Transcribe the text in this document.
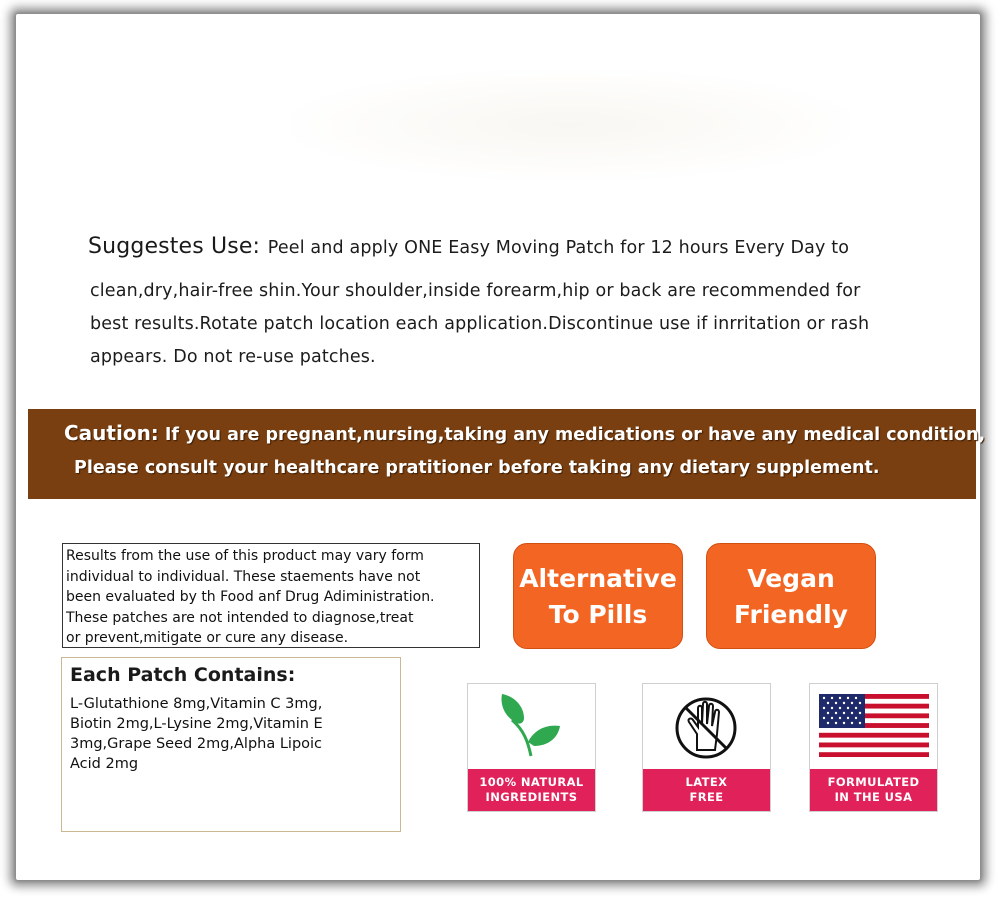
Suggestes Use: Peel and apply ONE Easy Moving Patch for 12 hours Every Day to
clean,dry,hair-free shin.Your shoulder,inside forearm,hip or back are recommended for
best results.Rotate patch location each application.Discontinue use if inrritation or rash
appears. Do not re-use patches.
Caution: If you are pregnant,nursing,taking any medications or have any medical condition,
Please consult your healthcare pratitioner before taking any dietary supplement.
Results from the use of this product may vary form
individual to individual. These staements have not
been evaluated by th Food anf Drug Adiministration.
These patches are not intended to diagnose,treat
or prevent,mitigate or cure any disease.
Each Patch Contains:
L-Glutathione 8mg,Vitamin C 3mg,
Biotin 2mg,L-Lysine 2mg,Vitamin E
3mg,Grape Seed 2mg,Alpha Lipoic
Acid 2mg
Alternative
To Pills
Vegan
Friendly
100% NATURAL
INGREDIENTS
LATEX
FREE
FORMULATED
IN THE USA
